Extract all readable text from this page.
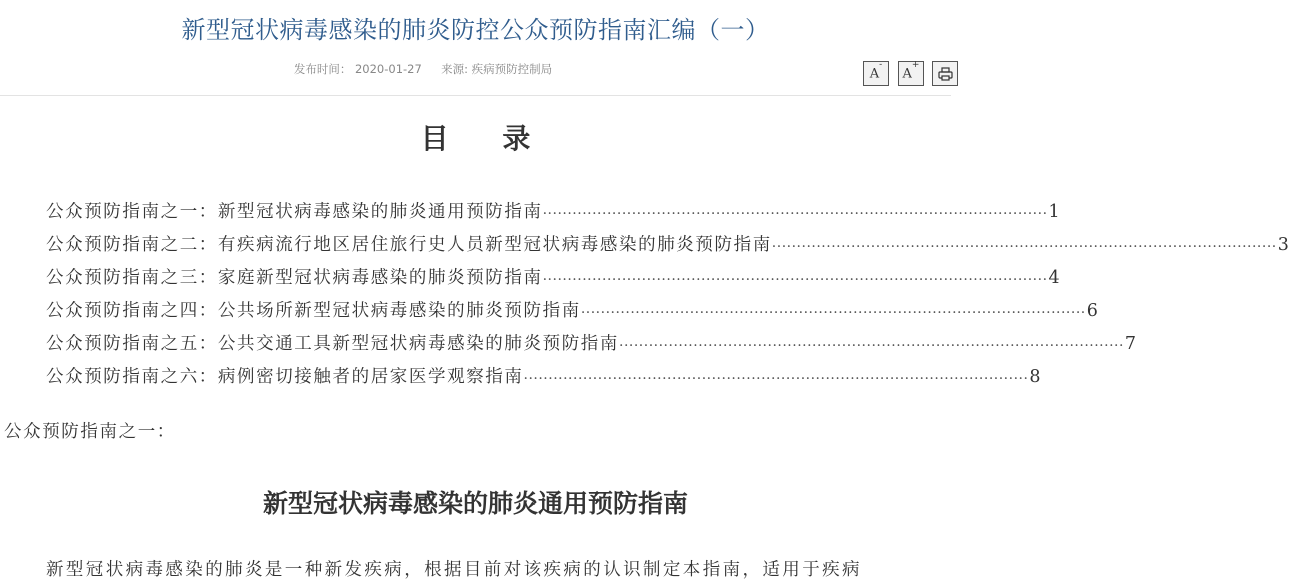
新型冠状病毒感染的肺炎防控公众预防指南汇编（一）
发布时间： 2020-01-27 来源: 疾病预防控制局	A-
A+
目 录
公众预防指南之一：新型冠状病毒感染的肺炎通用预防指南 ······································································································ 1
公众预防指南之二：有疾病流行地区居住旅行史人员新型冠状病毒感染的肺炎预防指南 ······································································································ 3
公众预防指南之三：家庭新型冠状病毒感染的肺炎预防指南 ······································································································ 4
公众预防指南之四：公共场所新型冠状病毒感染的肺炎预防指南 ······································································································ 6
公众预防指南之五：公共交通工具新型冠状病毒感染的肺炎预防指南 ······································································································ 7
公众预防指南之六：病例密切接触者的居家医学观察指南 ······································································································ 8
公众预防指南之一：
新型冠状病毒感染的肺炎通用预防指南
新型冠状病毒感染的肺炎是一种新发疾病，根据目前对该疾病的认识制定本指南，适用于疾病
